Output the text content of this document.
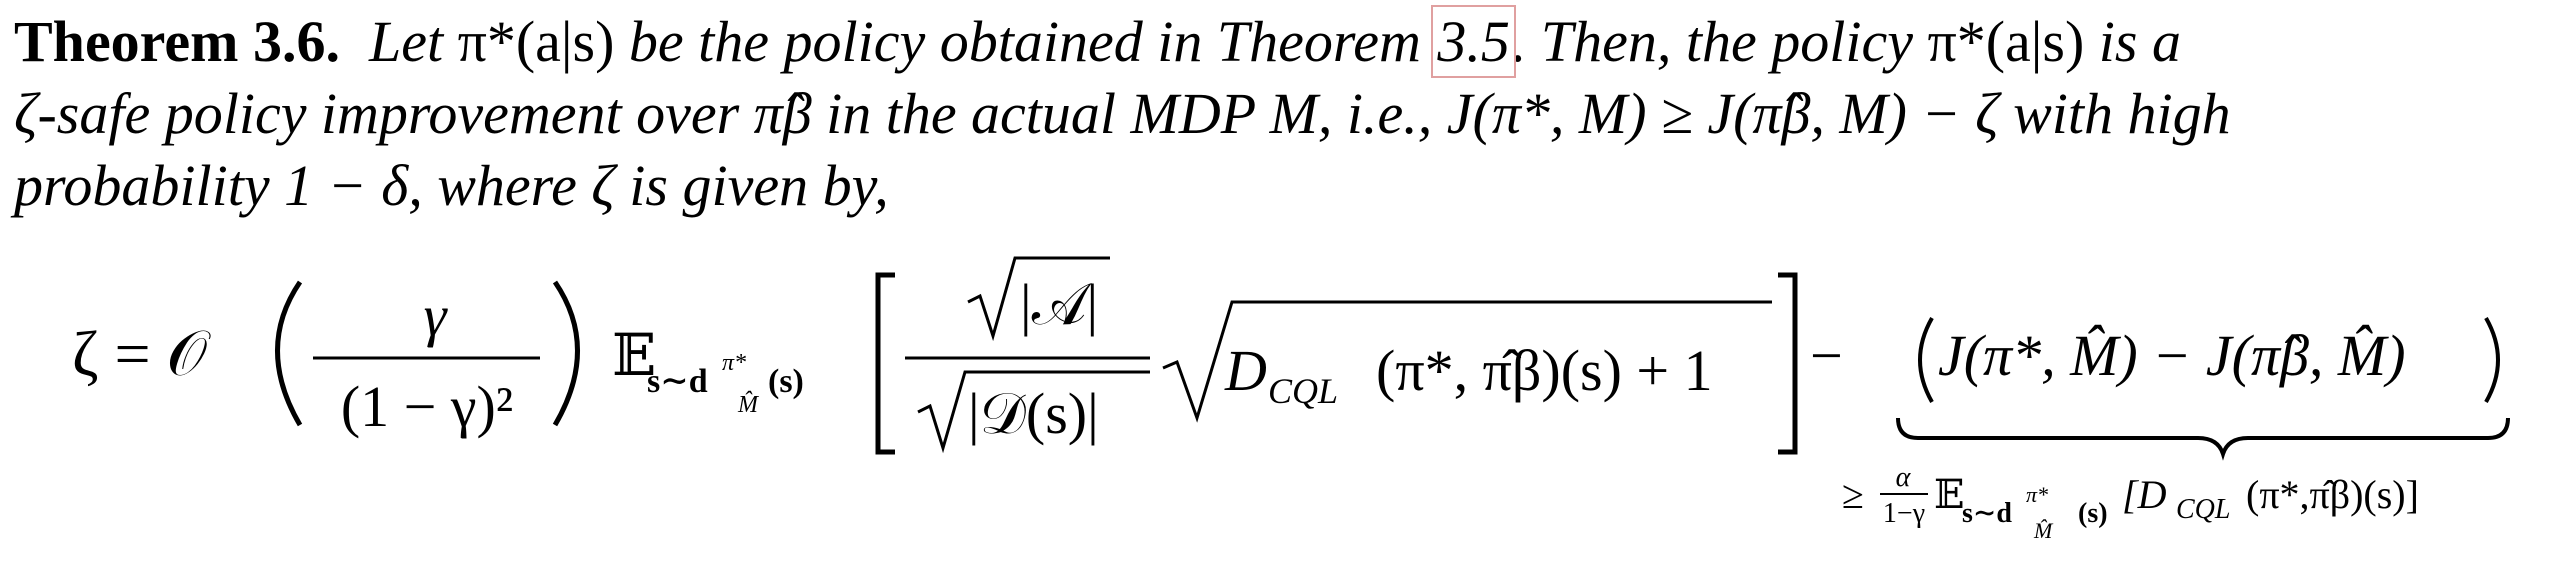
Theorem 3.6. Let π*(a|s) be the policy obtained in Theorem 3.5. Then, the policy π*(a|s) is a
ζ-safe policy improvement over π̂β in the actual MDP M, i.e., J(π*, M) ≥ J(π̂β, M) − ζ with high
probability 1 − δ, where ζ is given by,
ζ = 𝒪
γ
(1 − γ)²
𝔼
s∼d π*
M̂
(s)
|𝒜|
|𝒟(s)|
D CQL (π*, π̂β)(s) + 1 − J(π*, M̂) − J(π̂β, M̂)
≥ α
1−γ 𝔼
s∼d
π*
M̂
(s) [D CQL (π*,π̂β)(s)]
